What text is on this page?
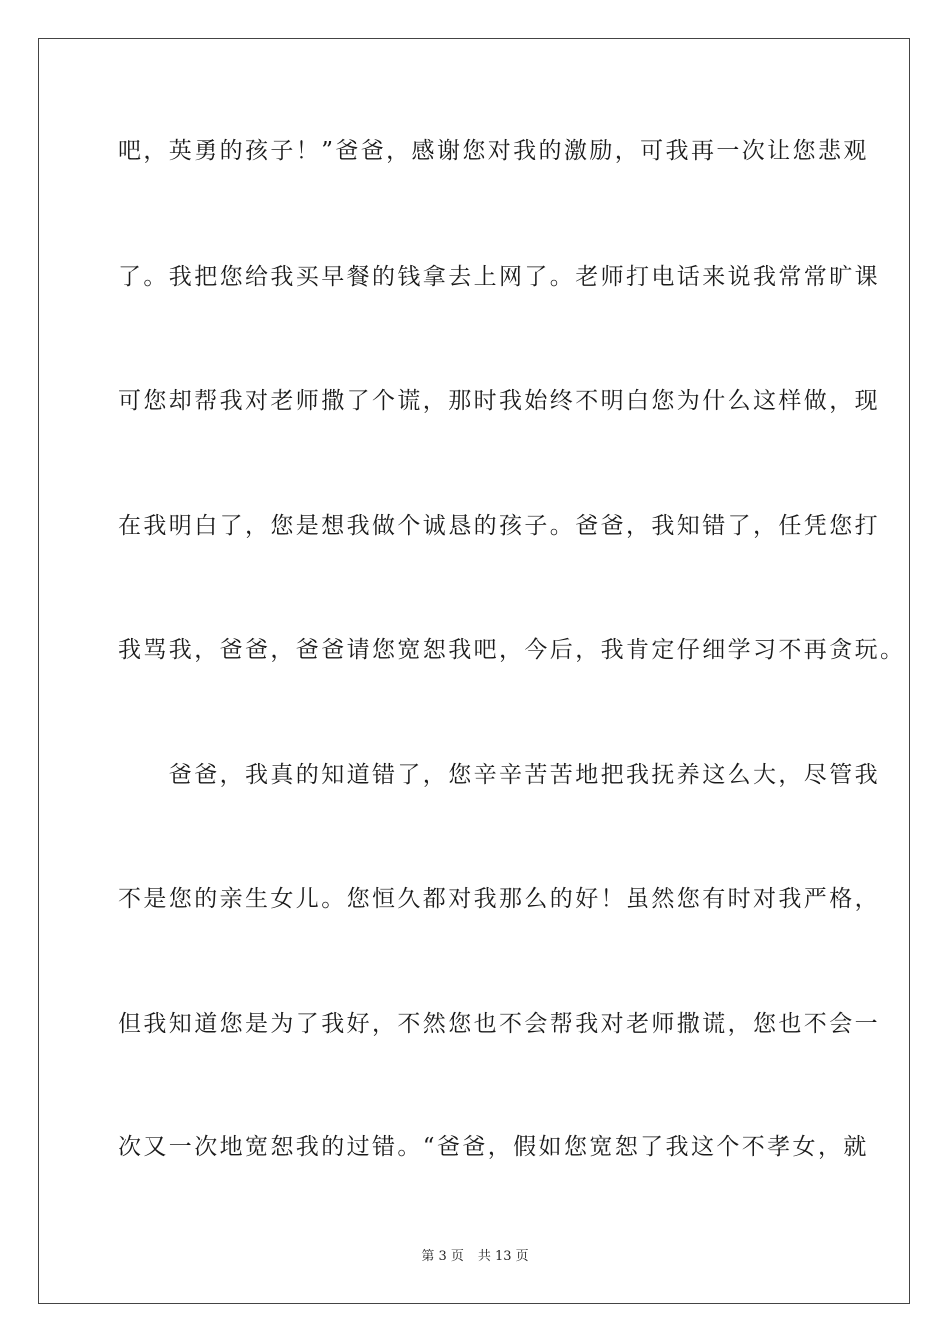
吧，英勇的孩子！”爸爸，感谢您对我的激励，可我再一次让您悲观
了。我把您给我买早餐的钱拿去上网了。老师打电话来说我常常旷课
可您却帮我对老师撒了个谎，那时我始终不明白您为什么这样做，现
在我明白了，您是想我做个诚恳的孩子。爸爸，我知错了，任凭您打
我骂我，爸爸，爸爸请您宽恕我吧，今后，我肯定仔细学习不再贪玩。
　　爸爸，我真的知道错了，您辛辛苦苦地把我抚养这么大，尽管我
不是您的亲生女儿。您恒久都对我那么的好！虽然您有时对我严格，
但我知道您是为了我好，不然您也不会帮我对老师撒谎，您也不会一
次又一次地宽恕我的过错。“爸爸，假如您宽恕了我这个不孝女，就
第 3 页 共 13 页
